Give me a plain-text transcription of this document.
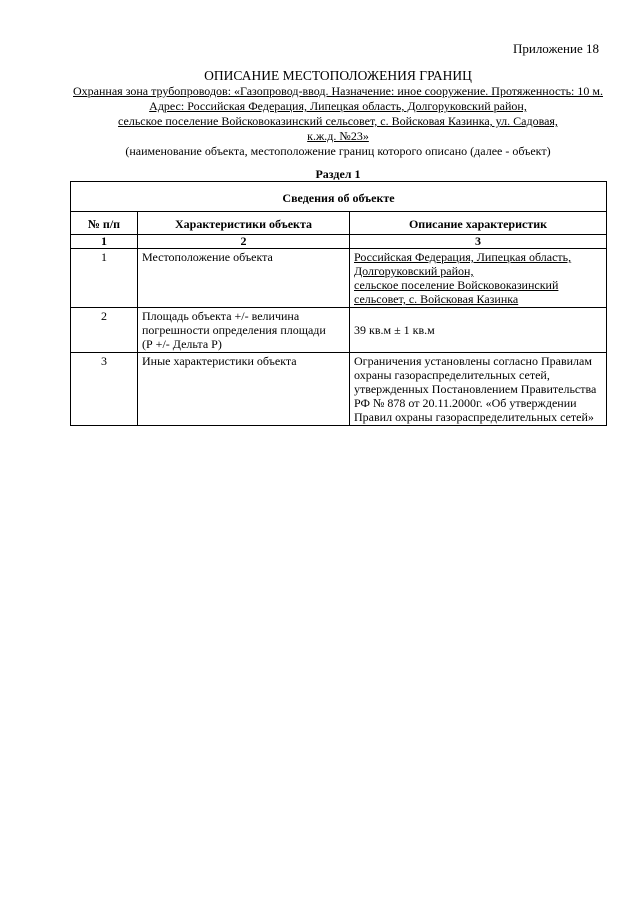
Приложение 18

ОПИСАНИЕ МЕСТОПОЛОЖЕНИЯ ГРАНИЦ

Охранная зона трубопроводов: «Газопровод-ввод. Назначение: иное сооружение. Протяженность: 10 м.

Адрес: Российская Федерация, Липецкая область, Долгоруковский район,

сельское поселение Войсковоказинский сельсовет, с. Войсковая Казинка, ул. Садовая,

к.ж.д. №23»

(наименование объекта, местоположение границ которого описано (далее - объект)

Раздел 1
Сведения об объекте		
№ п/п	Характеристики объекта	Описание характеристик
1	2	3
1	Местоположение объекта	Российская Федерация, Липецкая область,
Долгоруковский район,
сельское поселение Войсковоказинский
сельсовет, с. Войсковая Казинка

2	Площадь объекта +/- величина
погрешности определения площади
(Р +/- Дельта Р)	39 кв.м ± 1 кв.м
3	Иные характеристики объекта	Ограничения установлены согласно Правилам
охраны газораспределительных сетей,
утвержденных Постановлением Правительства
РФ № 878 от 20.11.2000г. «Об утверждении
Правил охраны газораспределительных сетей»
